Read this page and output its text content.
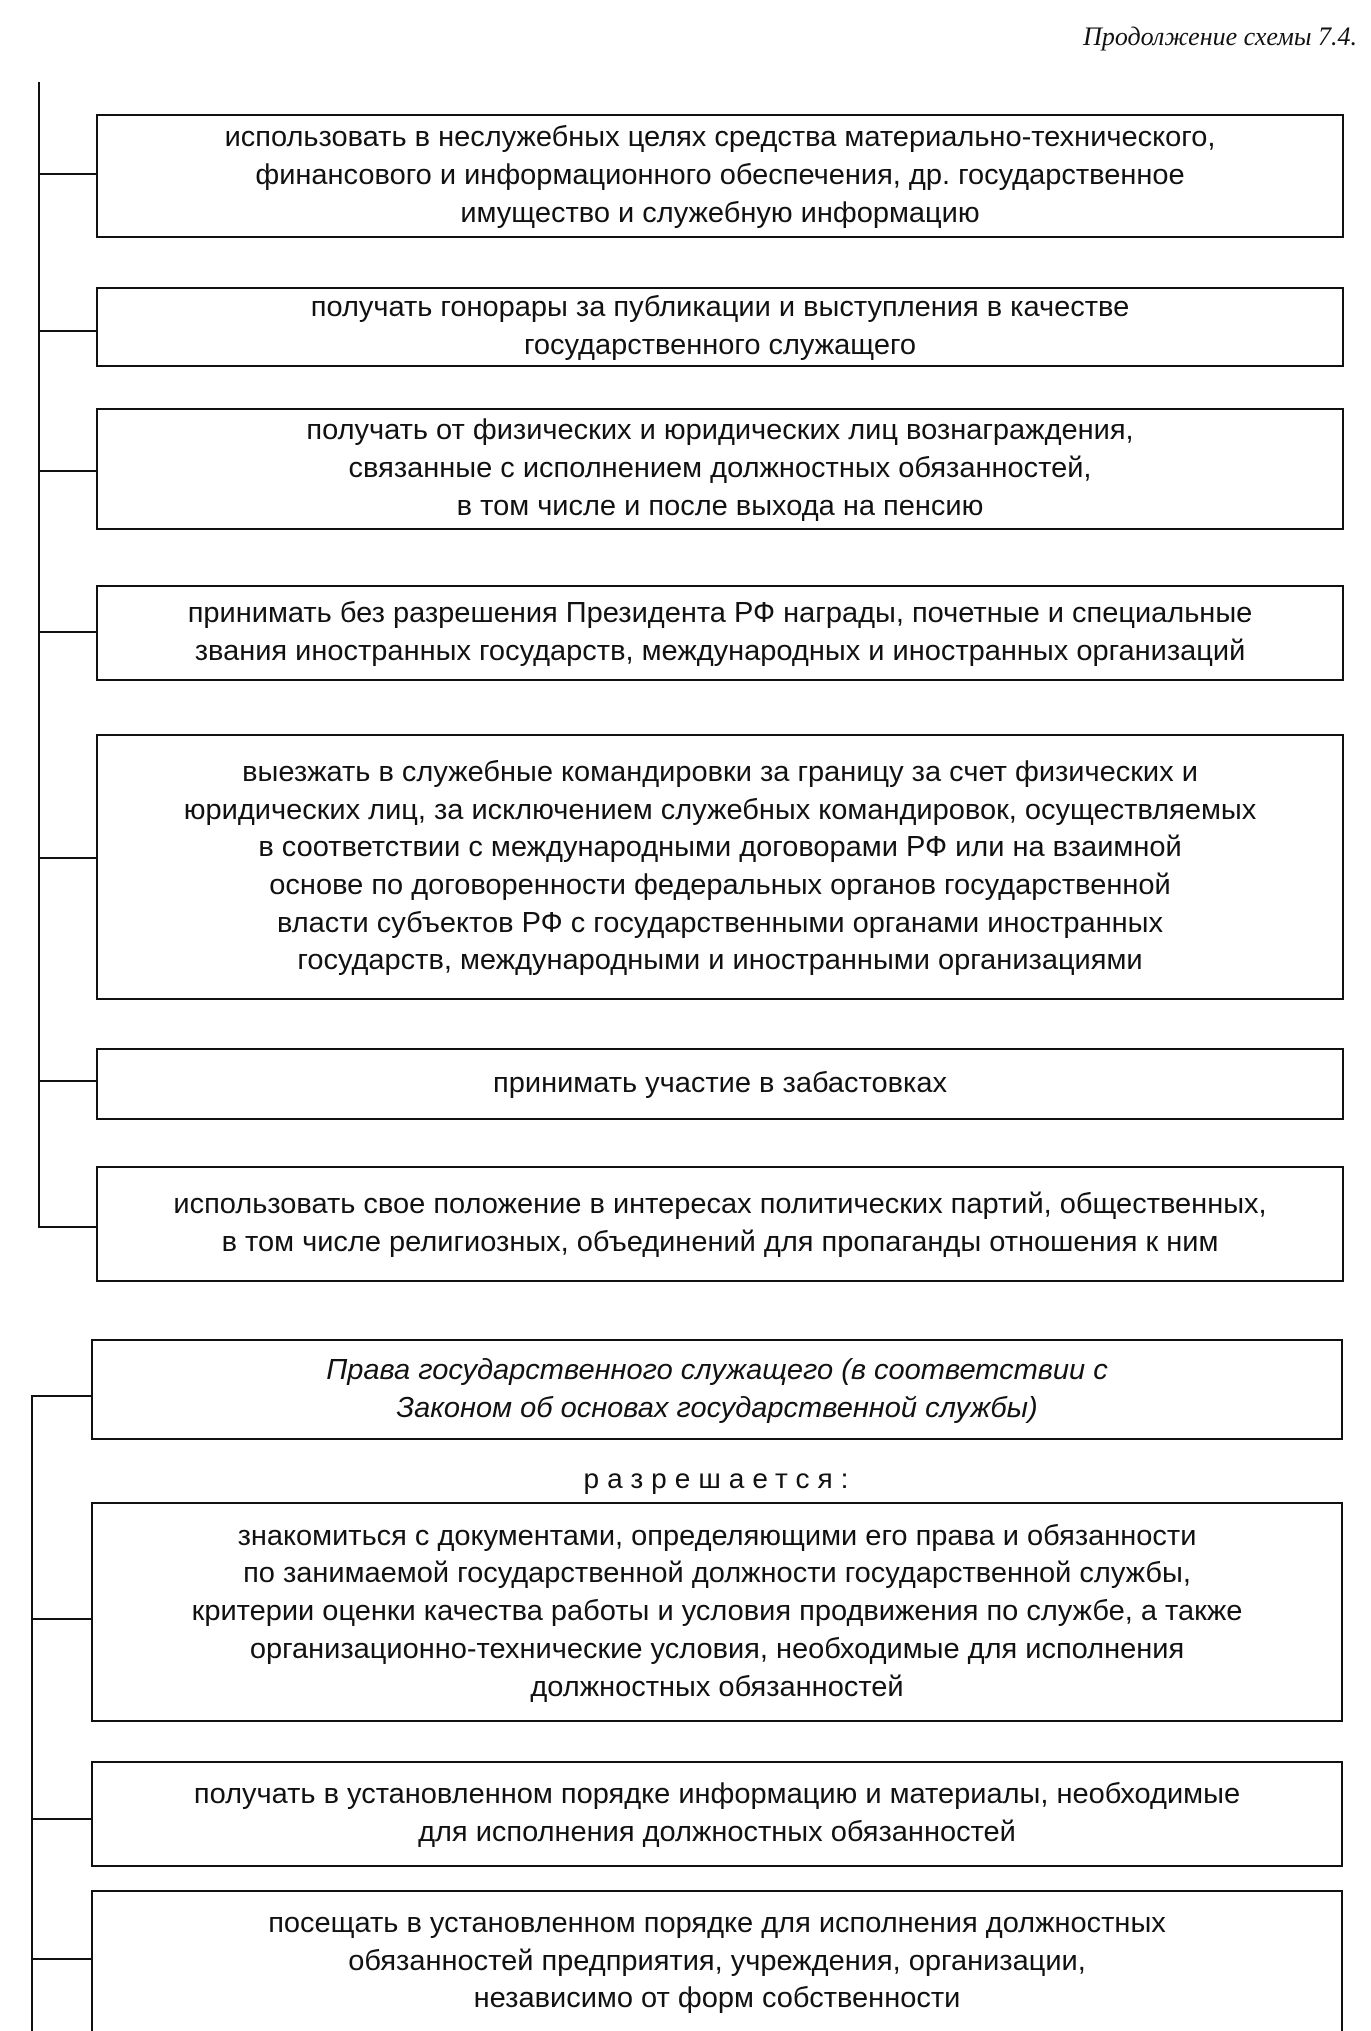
Продолжение схемы 7.4.
использовать в неслужебных целях средства материально-технического,
финансового и информационного обеспечения, др. государственное
имущество и служебную информацию
получать гонорары за публикации и выступления в качестве
государственного служащего
получать от физических и юридических лиц вознаграждения,
связанные с исполнением должностных обязанностей,
в том числе и после выхода на пенсию
принимать без разрешения Президента РФ награды, почетные и специальные
звания иностранных государств, международных и иностранных организаций
выезжать в служебные командировки за границу за счет физических и
юридических лиц, за исключением служебных командировок, осуществляемых
в соответствии с международными договорами РФ или на взаимной
основе по договоренности федеральных органов государственной
власти субъектов РФ с государственными органами иностранных
государств, международными и иностранными организациями
принимать участие в забастовках
использовать свое положение в интересах политических партий, общественных,
в том числе религиозных, объединений для пропаганды отношения к ним
Права государственного служащего (в соответствии с
Законом об основах государственной службы)
разрешается:
знакомиться с документами, определяющими его права и обязанности
по занимаемой государственной должности государственной службы,
критерии оценки качества работы и условия продвижения по службе, а также
организационно-технические условия, необходимые для исполнения
должностных обязанностей
получать в установленном порядке информацию и материалы, необходимые
для исполнения должностных обязанностей
посещать в установленном порядке для исполнения должностных
обязанностей предприятия, учреждения, организации,
независимо от форм собственности
